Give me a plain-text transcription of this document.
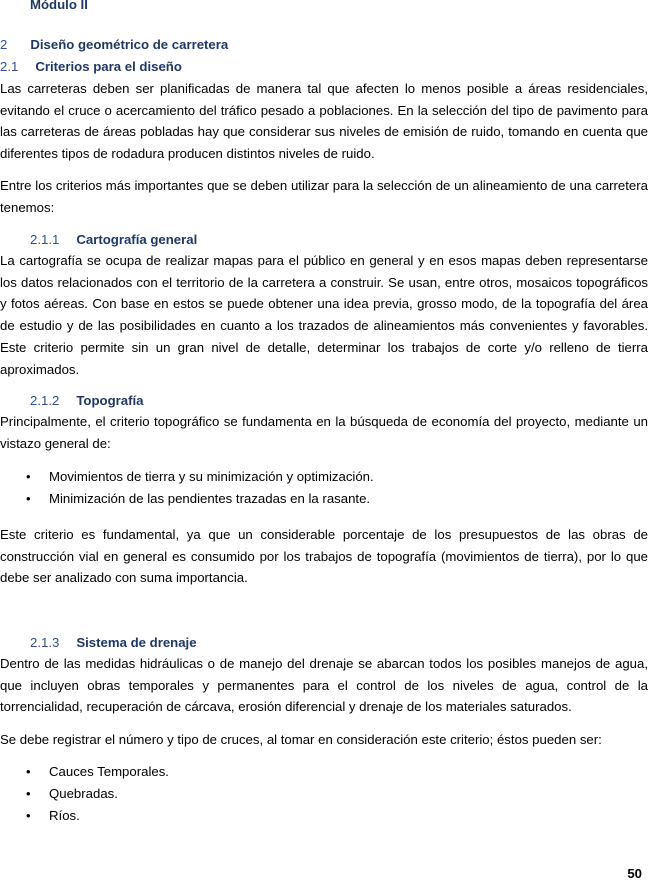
Módulo II
2 Diseño geométrico de carretera
2.1 Criterios para el diseño

Las carreteras deben ser planificadas de manera tal que afecten lo menos posible a áreas residenciales, evitando el cruce o acercamiento del tráfico pesado a poblaciones. En la selección del tipo de pavimento para las carreteras de áreas pobladas hay que considerar sus niveles de emisión de ruido, tomando en cuenta que diferentes tipos de rodadura producen distintos niveles de ruido.

Entre los criterios más importantes que se deben utilizar para la selección de un alineamiento de una carretera tenemos:

2.1.1 Cartografía general

La cartografía se ocupa de realizar mapas para el público en general y en esos mapas deben representarse los datos relacionados con el territorio de la carretera a construir. Se usan, entre otros, mosaicos topográficos y fotos aéreas. Con base en estos se puede obtener una idea previa, grosso modo, de la topografía del área de estudio y de las posibilidades en cuanto a los trazados de alineamientos más convenientes y favorables. Este criterio permite sin un gran nivel de detalle, determinar los trabajos de corte y/o relleno de tierra aproximados.

2.1.2 Topografía

Principalmente, el criterio topográfico se fundamenta en la búsqueda de economía del proyecto, mediante un vistazo general de:

• Movimientos de tierra y su minimización y optimización.
• Minimización de las pendientes trazadas en la rasante.

Este criterio es fundamental, ya que un considerable porcentaje de los presupuestos de las obras de construcción vial en general es consumido por los trabajos de topografía (movimientos de tierra), por lo que debe ser analizado con suma importancia.

2.1.3 Sistema de drenaje

Dentro de las medidas hidráulicas o de manejo del drenaje se abarcan todos los posibles manejos de agua, que incluyen obras temporales y permanentes para el control de los niveles de agua, control de la torrencialidad, recuperación de cárcava, erosión diferencial y drenaje de los materiales saturados.

Se debe registrar el número y tipo de cruces, al tomar en consideración este criterio; éstos pueden ser:

• Cauces Temporales.
• Quebradas.
• Ríos.
50
